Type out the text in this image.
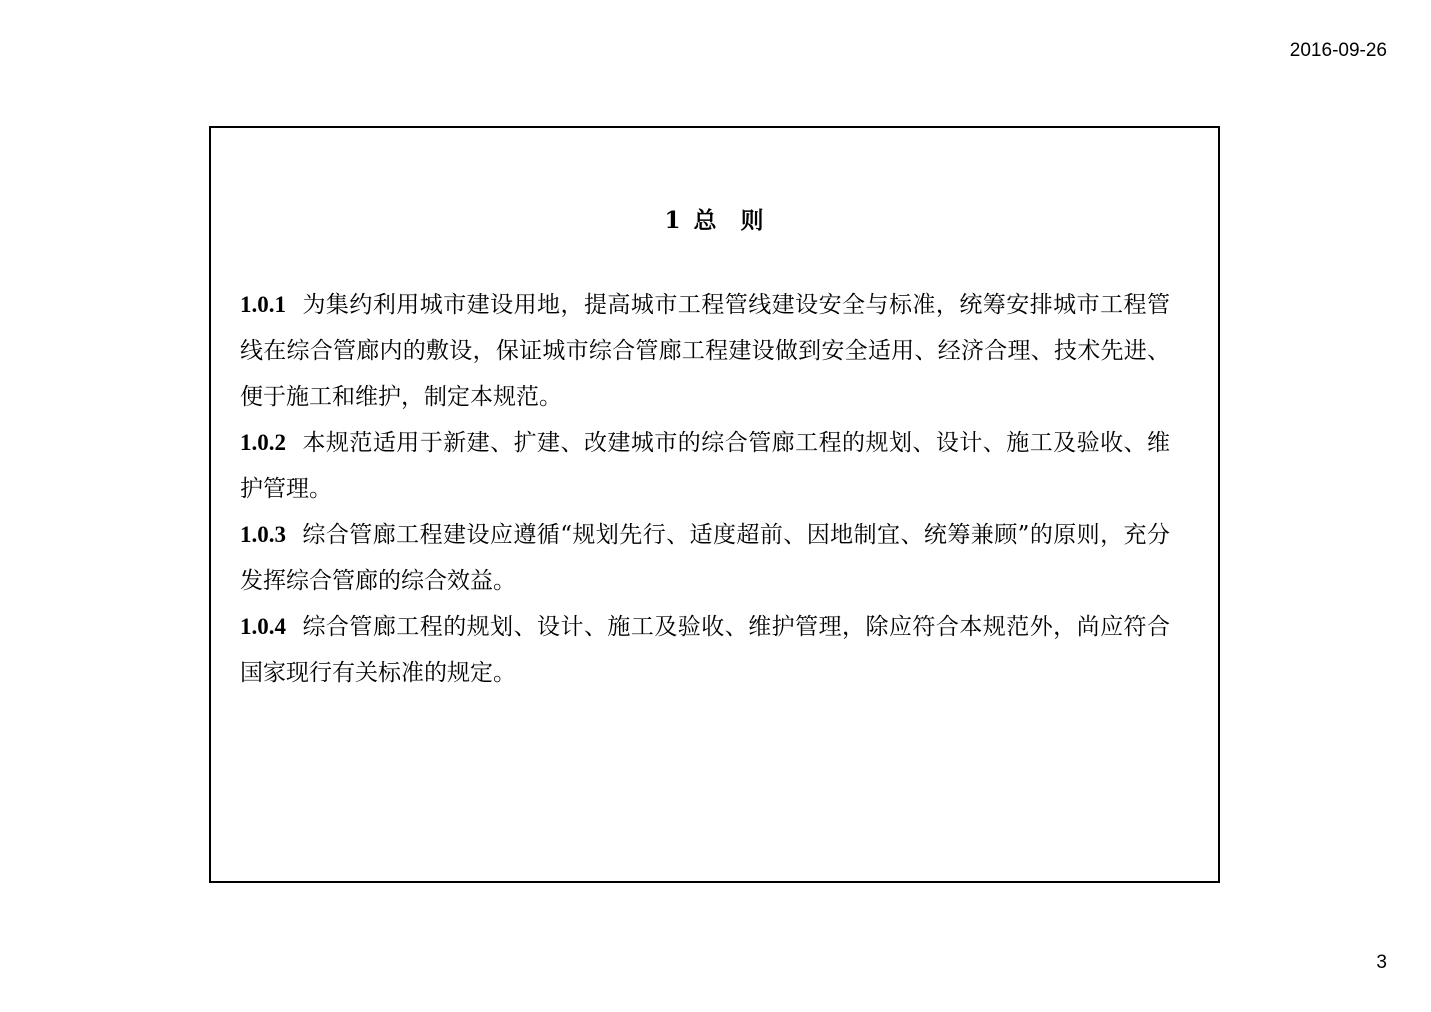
2016-09-26
1 总 则

1.0.1 为集约利用城市建设用地，提高城市工程管线建设安全与标准，统筹安排城市工程管线在综合管廊内的敷设，保证城市综合管廊工程建设做到安全适用、经济合理、技术先进、便于施工和维护，制定本规范。

1.0.2 本规范适用于新建、扩建、改建城市的综合管廊工程的规划、设计、施工及验收、维护管理。

1.0.3 综合管廊工程建设应遵循“规划先行、适度超前、因地制宜、统筹兼顾”的原则，充分发挥综合管廊的综合效益。

1.0.4 综合管廊工程的规划、设计、施工及验收、维护管理，除应符合本规范外，尚应符合国家现行有关标准的规定。

3
